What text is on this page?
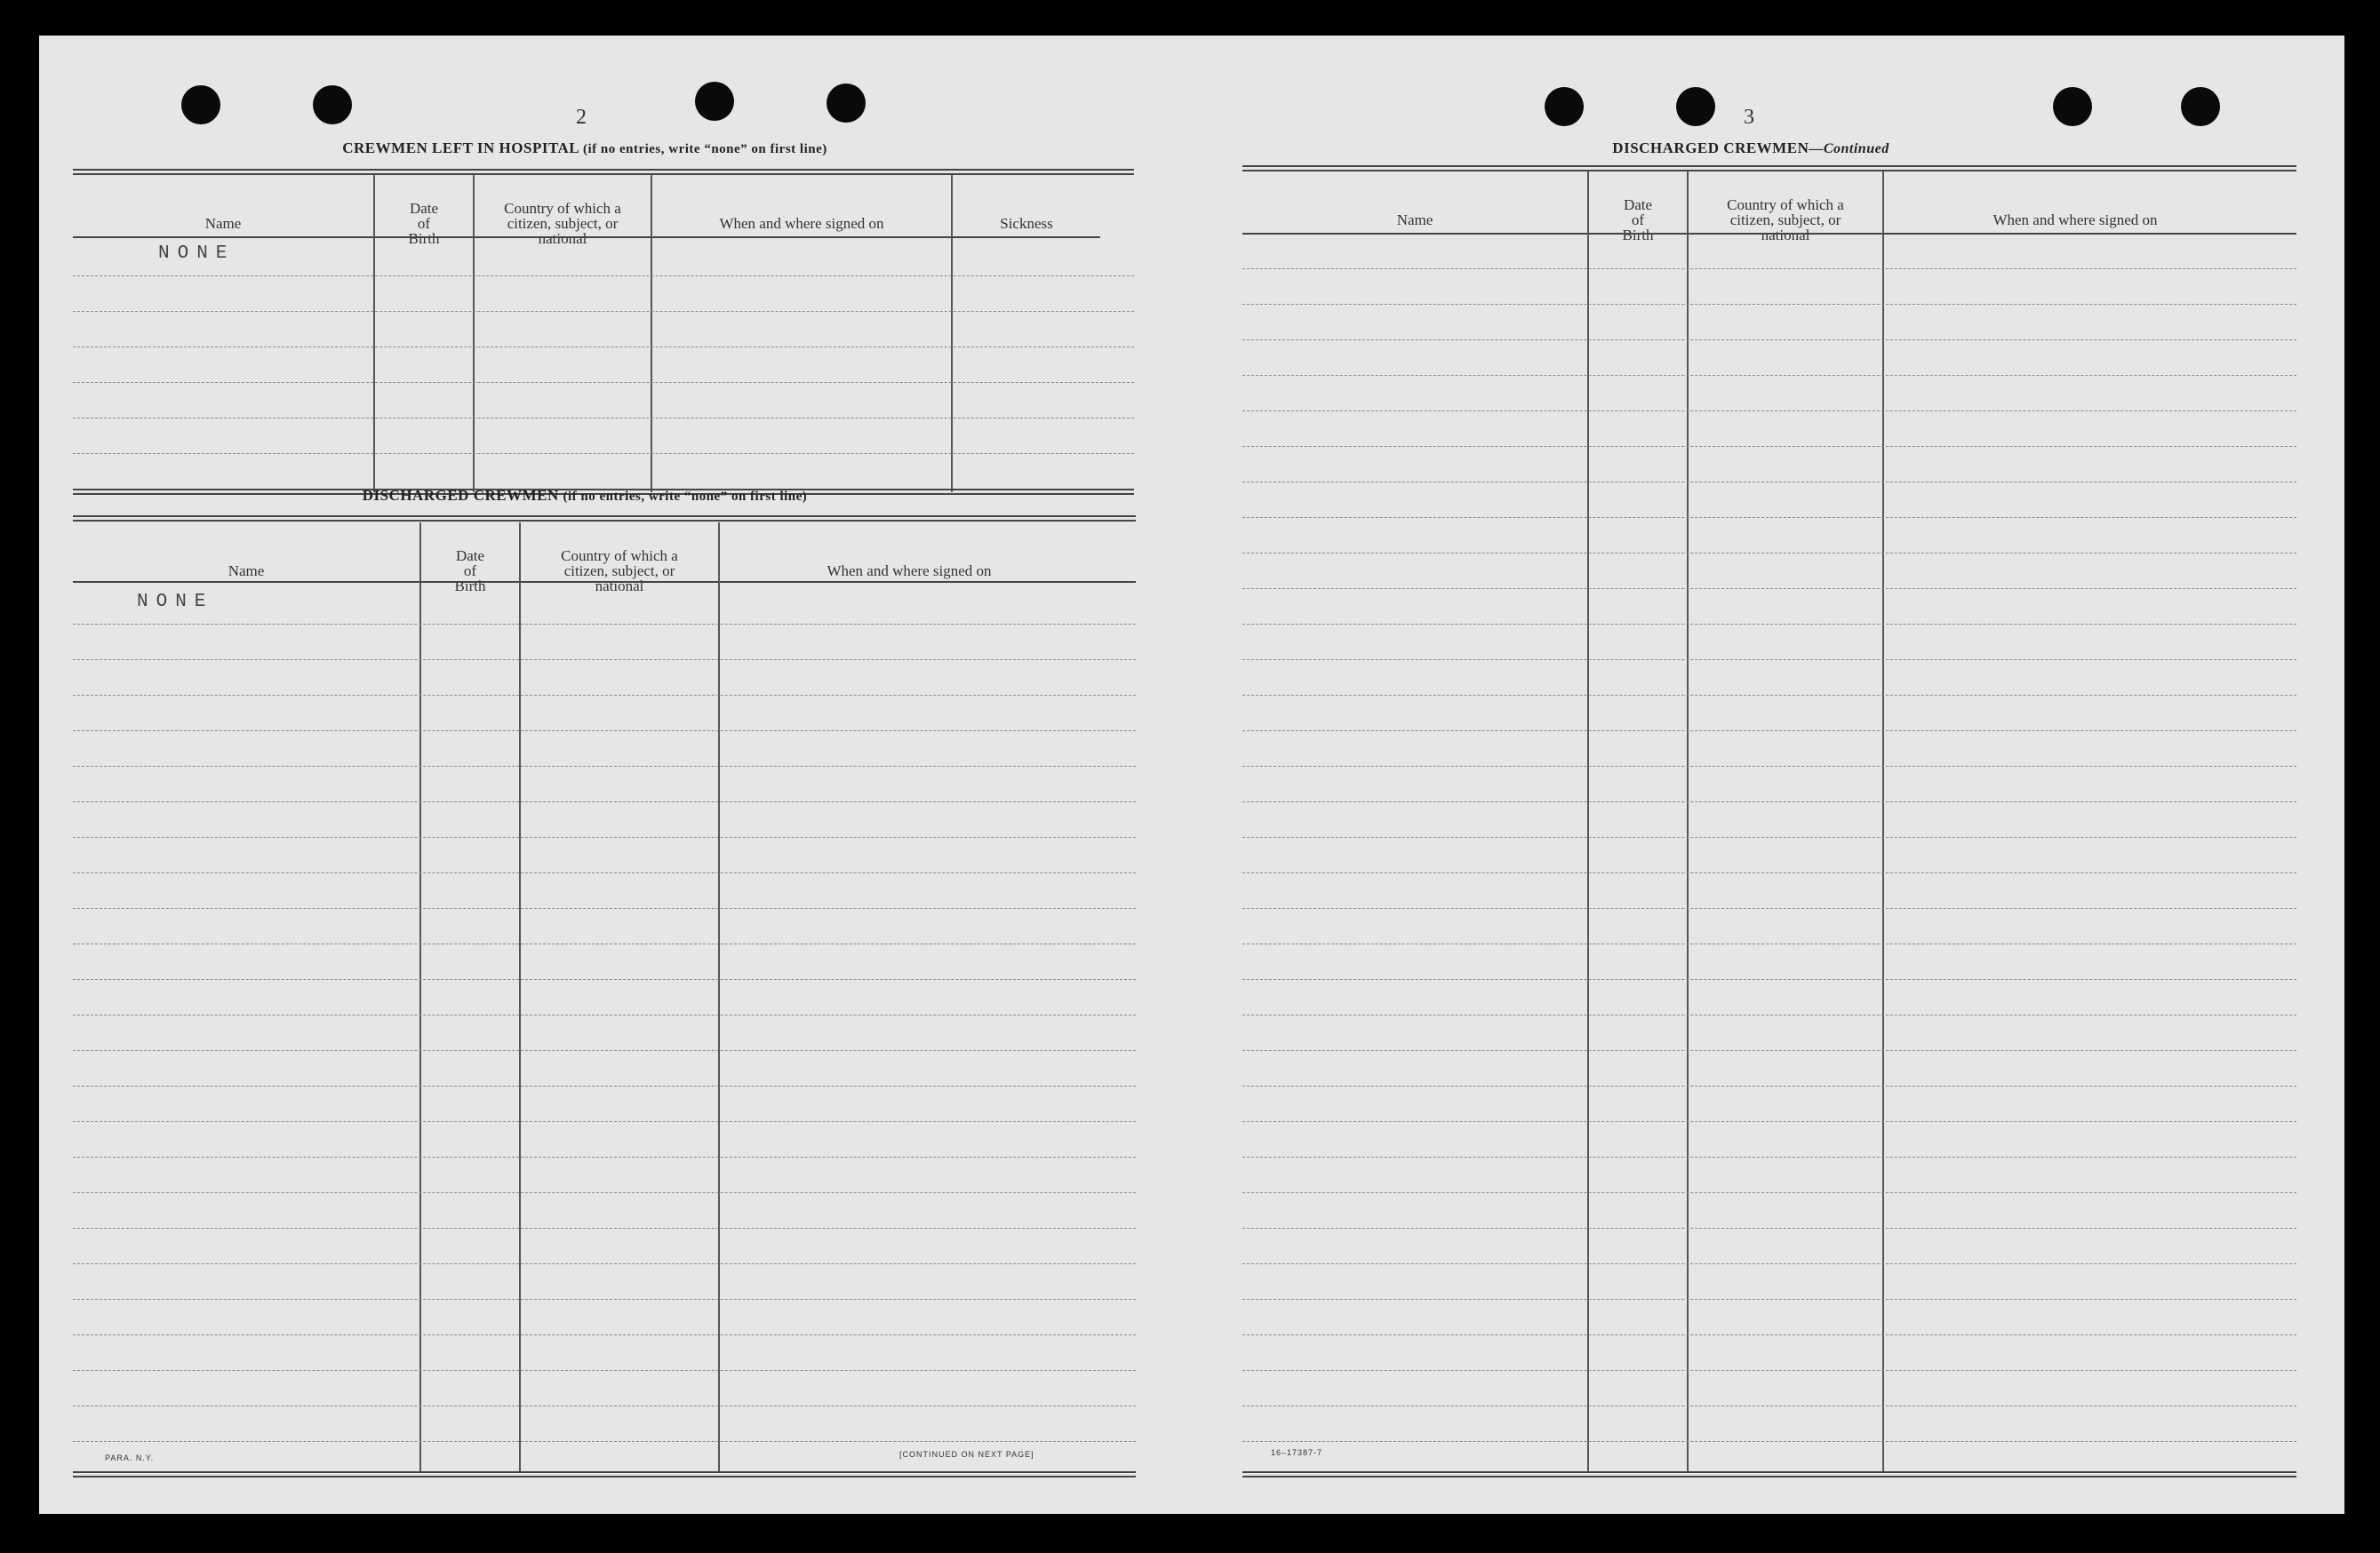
2
CREWMEN LEFT IN HOSPITAL (if no entries, write “none” on first line)
Name
Date
of
Birth
Country of which a
citizen, subject, or
national
When and where signed on	Sickness
NONE
DISCHARGED CREWMEN (if no entries, write “none” on first line)
Name
Date
of
Birth
Country of which a
citizen, subject, or
national
When and where signed on
NONE
PARA. N.Y.	[CONTINUED ON NEXT PAGE]
3
DISCHARGED CREWMEN—Continued
Name
Date
of
Birth
Country of which a
citizen, subject, or
national
When and where signed on
16–17387-7
